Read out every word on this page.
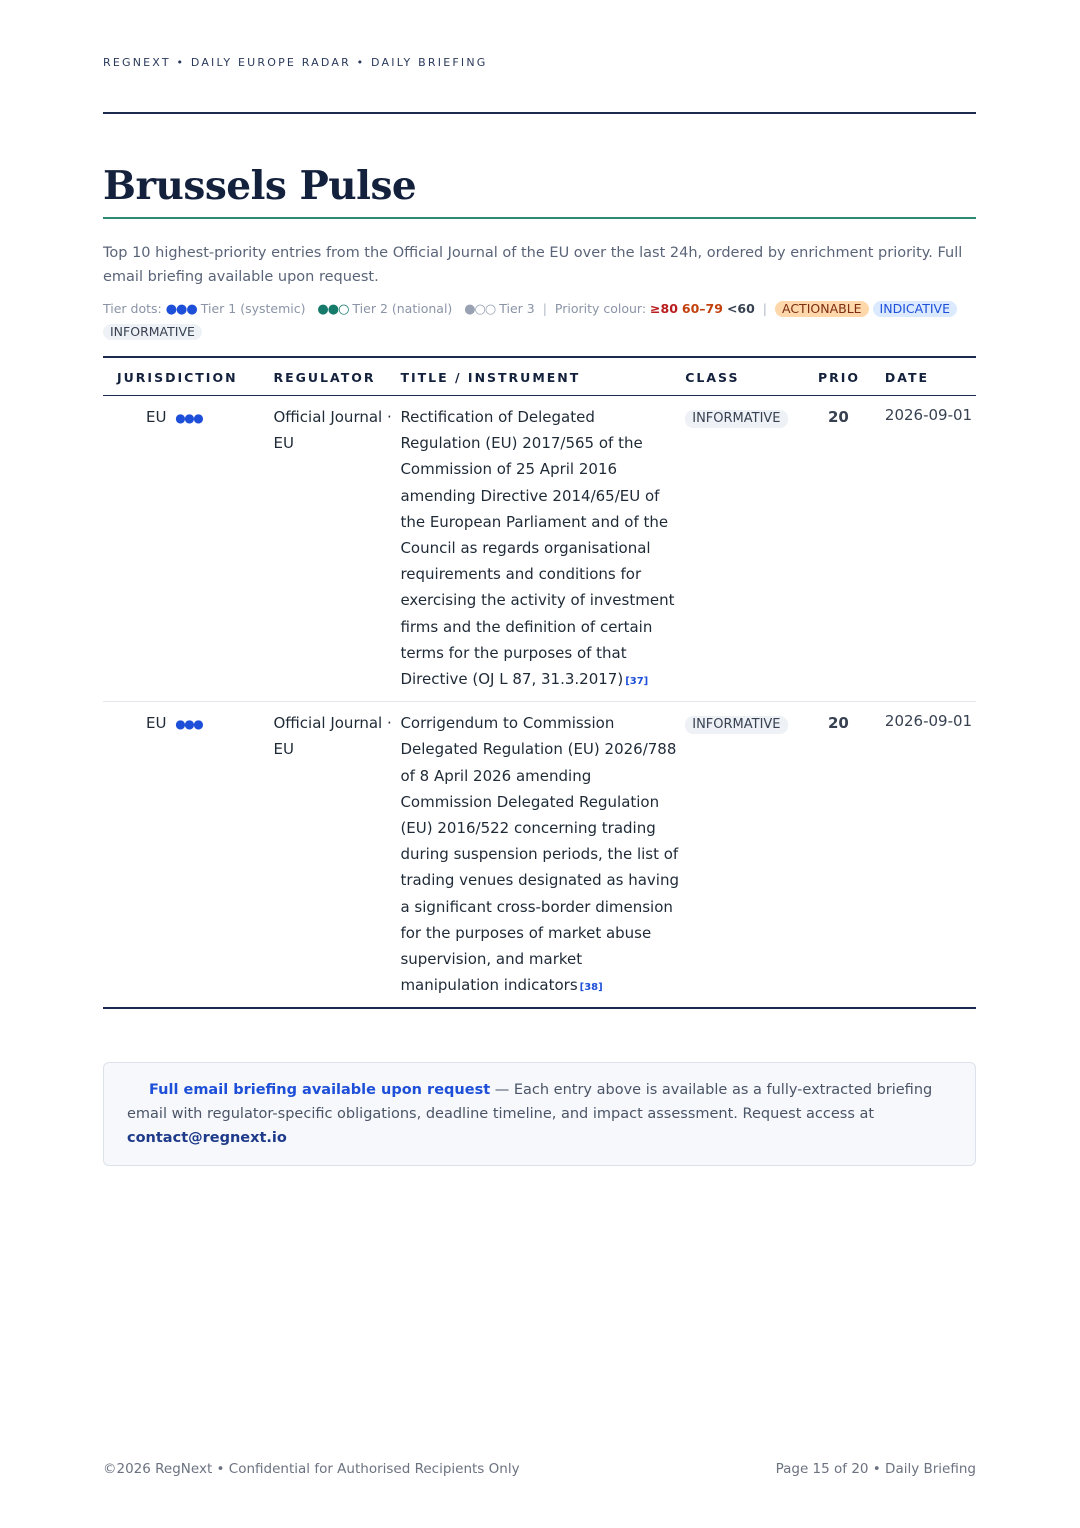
REGNEXT • DAILY EUROPE RADAR • DAILY BRIEFING
Brussels Pulse

Top 10 highest-priority entries from the Official Journal of the EU over the last 24h, ordered by enrichment priority. Full email briefing available upon request.

Tier dots: ●●● Tier 1 (systemic) ●●○ Tier 2 (national) ●○○ Tier 3 | Priority colour: ≥80 60–79 <60 | ACTIONABLE INDICATIVE INFORMATIVE
JURISDICTION	REGULATOR	TITLE / INSTRUMENT	CLASS	PRIO	DATE
EU ●●●	Official Journal · EU	Rectification of Delegated Regulation (EU) 2017/565 of the Commission of 25 April 2016 amending Directive 2014/65/EU of the European Parliament and of the Council as regards organisational requirements and conditions for exercising the activity of investment firms and the definition of certain terms for the purposes of that Directive (OJ L 87, 31.3.2017) [37]	INFORMATIVE	20	2026-09-01
EU ●●●	Official Journal · EU	Corrigendum to Commission Delegated Regulation (EU) 2026/788 of 8 April 2026 amending Commission Delegated Regulation (EU) 2016/522 concerning trading during suspension periods, the list of trading venues designated as having a significant cross-border dimension for the purposes of market abuse supervision, and market manipulation indicators [38]	INFORMATIVE	20	2026-09-01
Full email briefing available upon request — Each entry above is available as a fully-extracted briefing email with regulator-specific obligations, deadline timeline, and impact assessment. Request access at contact@regnext.io
©2026 RegNext • Confidential for Authorised Recipients Only	Page 15 of 20 • Daily Briefing
